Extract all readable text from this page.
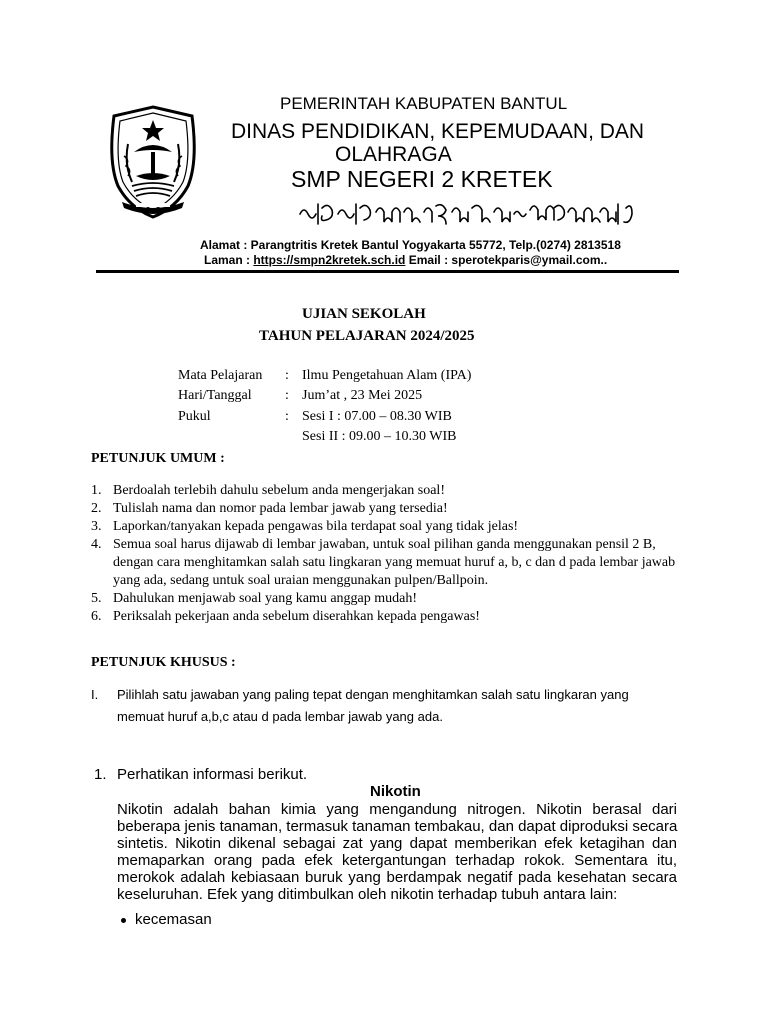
PEMERINTAH KABUPATEN BANTUL
DINAS PENDIDIKAN, KEPEMUDAAN, DAN
OLAHRAGA
SMP NEGERI 2 KRETEK
Alamat : Parangtritis Kretek Bantul Yogyakarta 55772, Telp.(0274) 2813518
Laman : https://smpn2kretek.sch.id Email : sperotekparis@ymail.com..
UJIAN SEKOLAH
TAHUN PELAJARAN 2024/2025
Mata Pelajaran : Ilmu Pengetahuan Alam (IPA)
Hari/Tanggal : Jum’at , 23 Mei 2025
Pukul	: Sesi I : 07.00 – 08.30 WIB
Sesi II : 09.00 – 10.30 WIB
PETUNJUK UMUM :
1. Berdoalah terlebih dahulu sebelum anda mengerjakan soal!
2. Tulislah nama dan nomor pada lembar jawab yang tersedia!
3. Laporkan/tanyakan kepada pengawas bila terdapat soal yang tidak jelas!
4. Semua soal harus dijawab di lembar jawaban, untuk soal pilihan ganda menggunakan pensil 2 B, dengan cara menghitamkan salah satu lingkaran yang memuat huruf a, b, c dan d pada lembar jawab yang ada, sedang untuk soal uraian menggunakan pulpen/Ballpoin.
5. Dahulukan menjawab soal yang kamu anggap mudah!
6. Periksalah pekerjaan anda sebelum diserahkan kepada pengawas!
PETUNJUK KHUSUS :
I. Pilihlah satu jawaban yang paling tepat dengan menghitamkan salah satu lingkaran yang
memuat huruf a,b,c atau d pada lembar jawab yang ada.
1. Perhatikan informasi berikut.
Nikotin
Nikotin adalah bahan kimia yang mengandung nitrogen. Nikotin berasal dari
beberapa jenis tanaman, termasuk tanaman tembakau, dan dapat diproduksi secara
sintetis. Nikotin dikenal sebagai zat yang dapat memberikan efek ketagihan dan
memaparkan orang pada efek ketergantungan terhadap rokok. Sementara itu,
merokok adalah kebiasaan buruk yang berdampak negatif pada kesehatan secara
keseluruhan. Efek yang ditimbulkan oleh nikotin terhadap tubuh antara lain:
kecemasan
